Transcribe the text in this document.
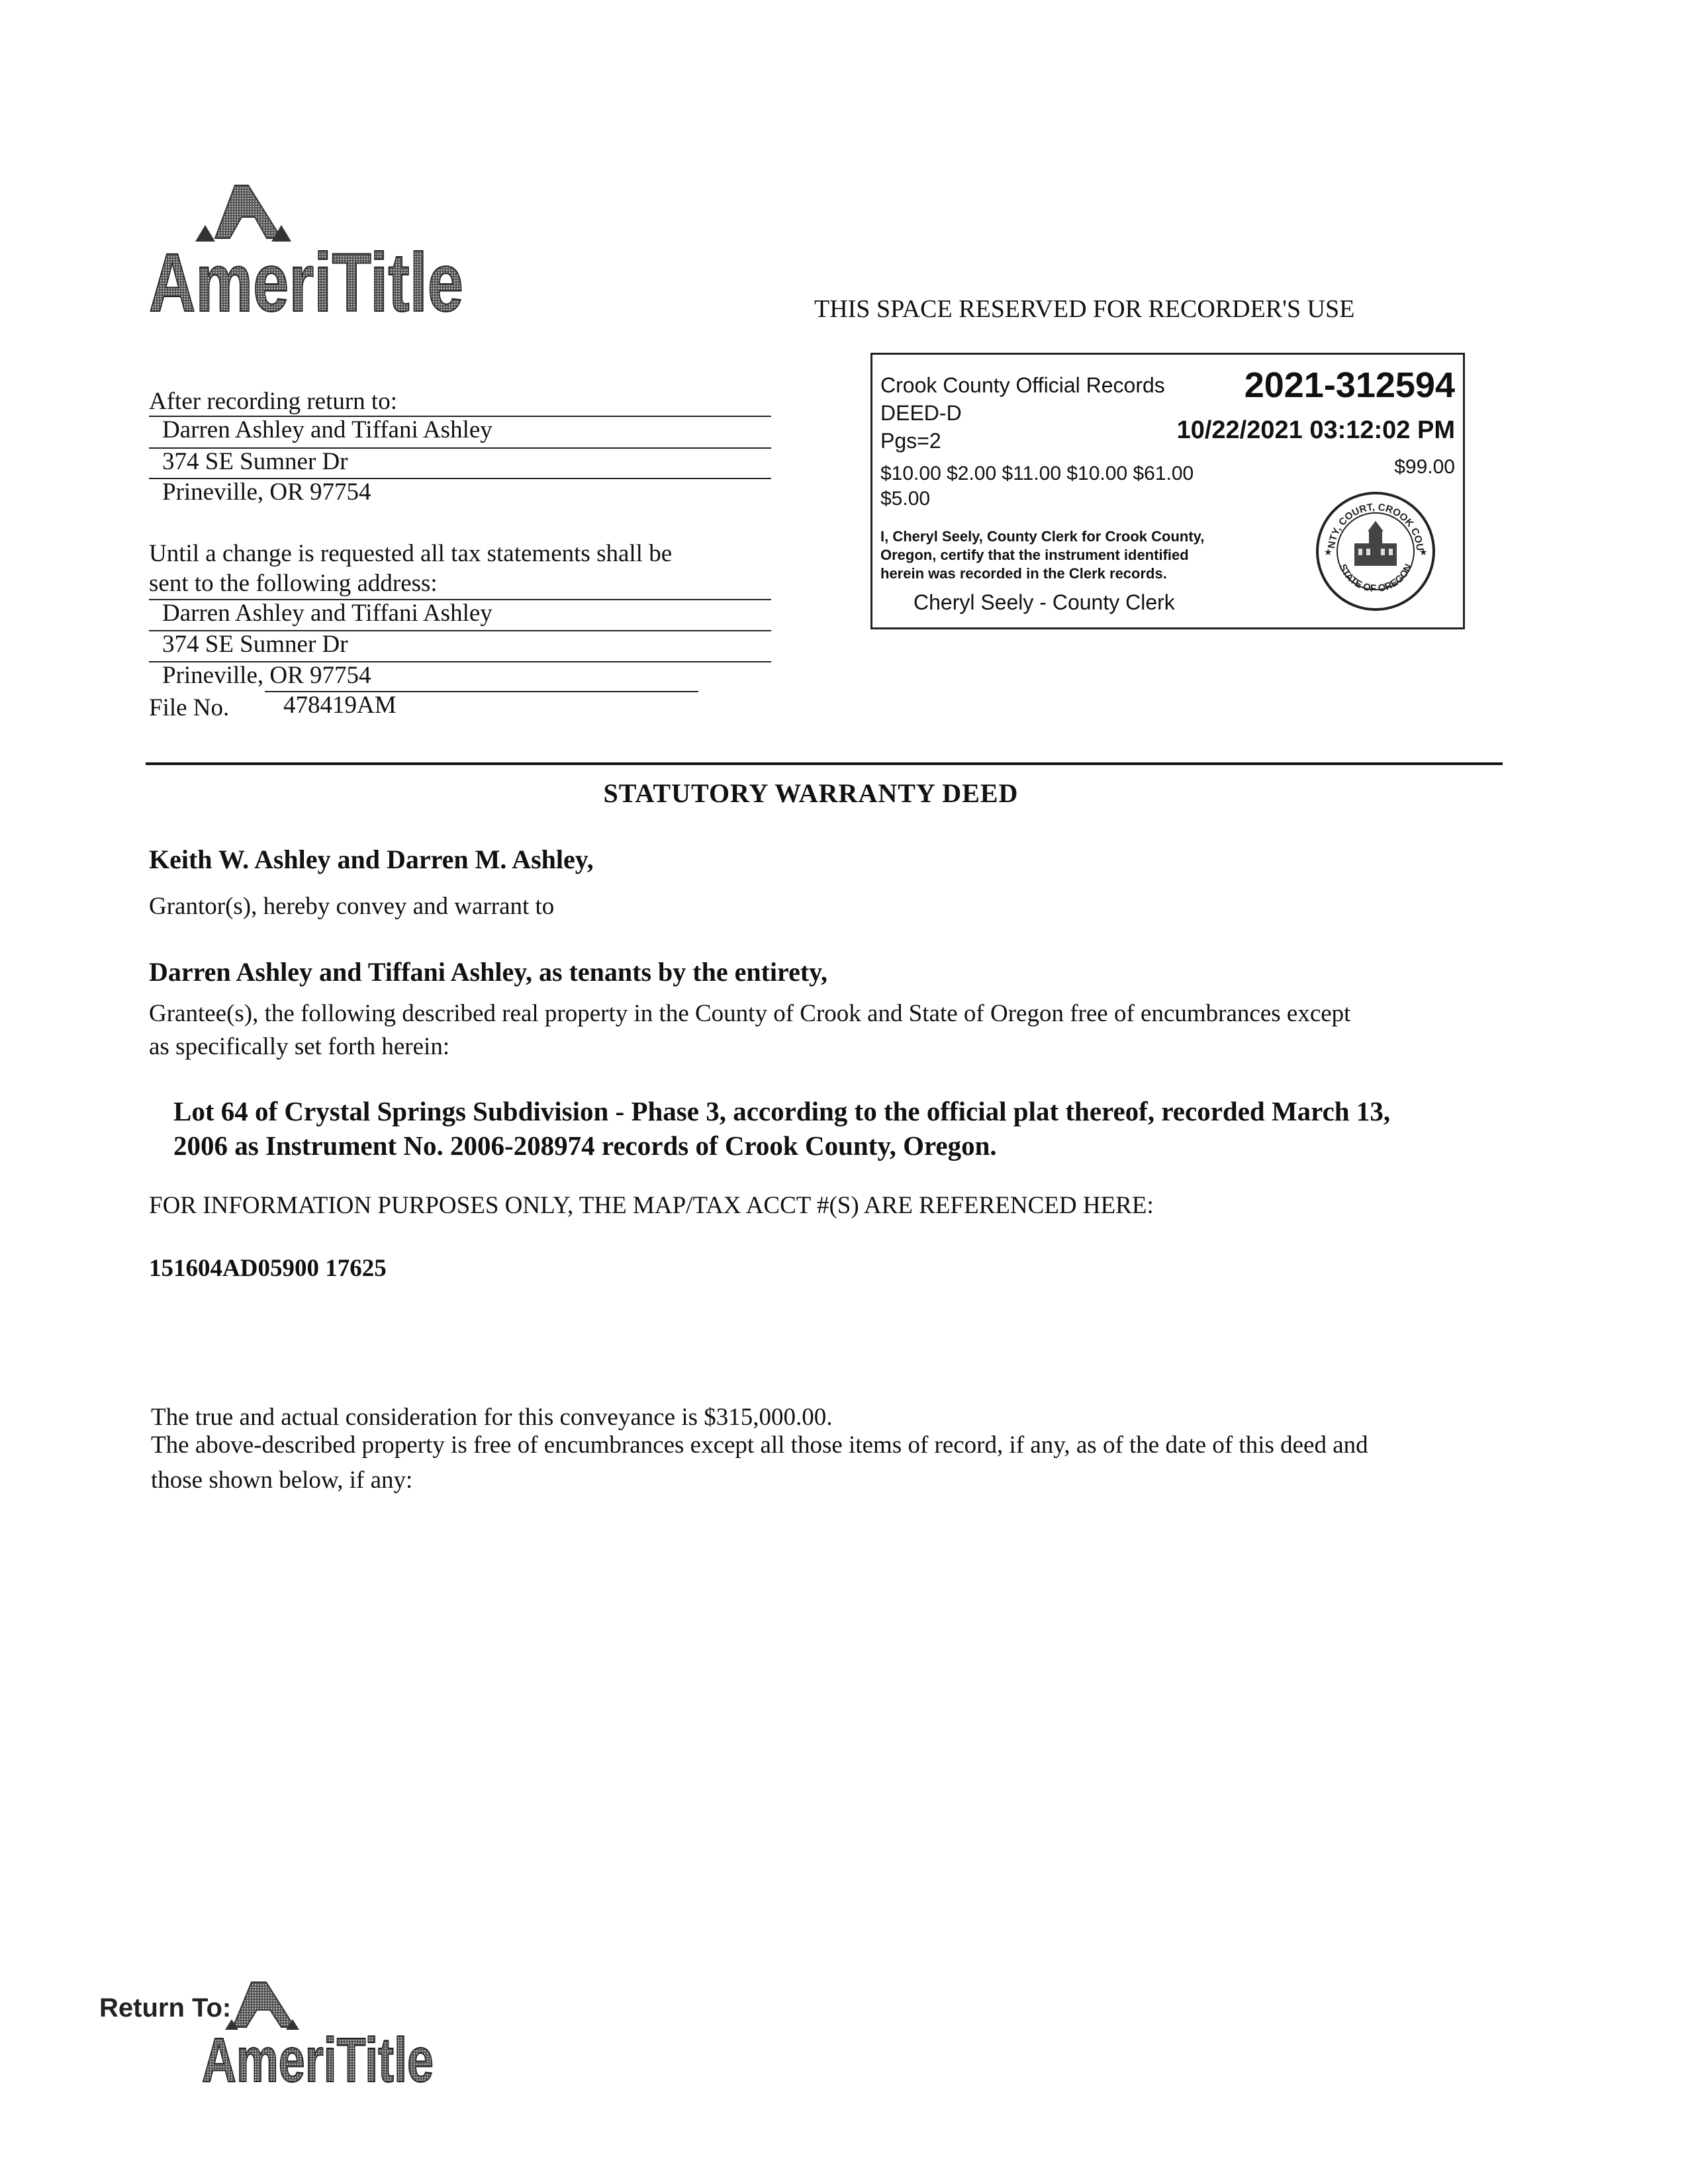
AmeriTitle	THIS SPACE RESERVED FOR RECORDER'S USE
Crook County Official Records 2021-312594
DEED-D
10/22/2021 03:12:02 PM
Pgs=2
$10.00 $2.00 $11.00 $10.00 $61.00	$99.00
$5.00
I, Cheryl Seely, County Clerk for Crook County,
Oregon, certify that the instrument identified
herein was recorded in the Clerk records.
Cheryl Seely - County Clerk
NTY, COURT, CROOK COU
STATE OF OREGON
★	★
After recording return to:
Darren Ashley and Tiffani Ashley
374 SE Sumner Dr
Prineville, OR 97754
Until a change is requested all tax statements shall be
sent to the following address:
Darren Ashley and Tiffani Ashley
374 SE Sumner Dr
Prineville, OR 97754
File No. 478419AM
STATUTORY WARRANTY DEED
Keith W. Ashley and Darren M. Ashley,
Grantor(s), hereby convey and warrant to
Darren Ashley and Tiffani Ashley, as tenants by the entirety,
Grantee(s), the following described real property in the County of Crook and State of Oregon free of encumbrances except
as specifically set forth herein:
Lot 64 of Crystal Springs Subdivision - Phase 3, according to the official plat thereof, recorded March 13,
2006 as Instrument No. 2006-208974 records of Crook County, Oregon.
FOR INFORMATION PURPOSES ONLY, THE MAP/TAX ACCT #(S) ARE REFERENCED HERE:
151604AD05900 17625
The true and actual consideration for this conveyance is $315,000.00.
The above-described property is free of encumbrances except all those items of record, if any, as of the date of this deed and
those shown below, if any:
Return To:
AmeriTitle
